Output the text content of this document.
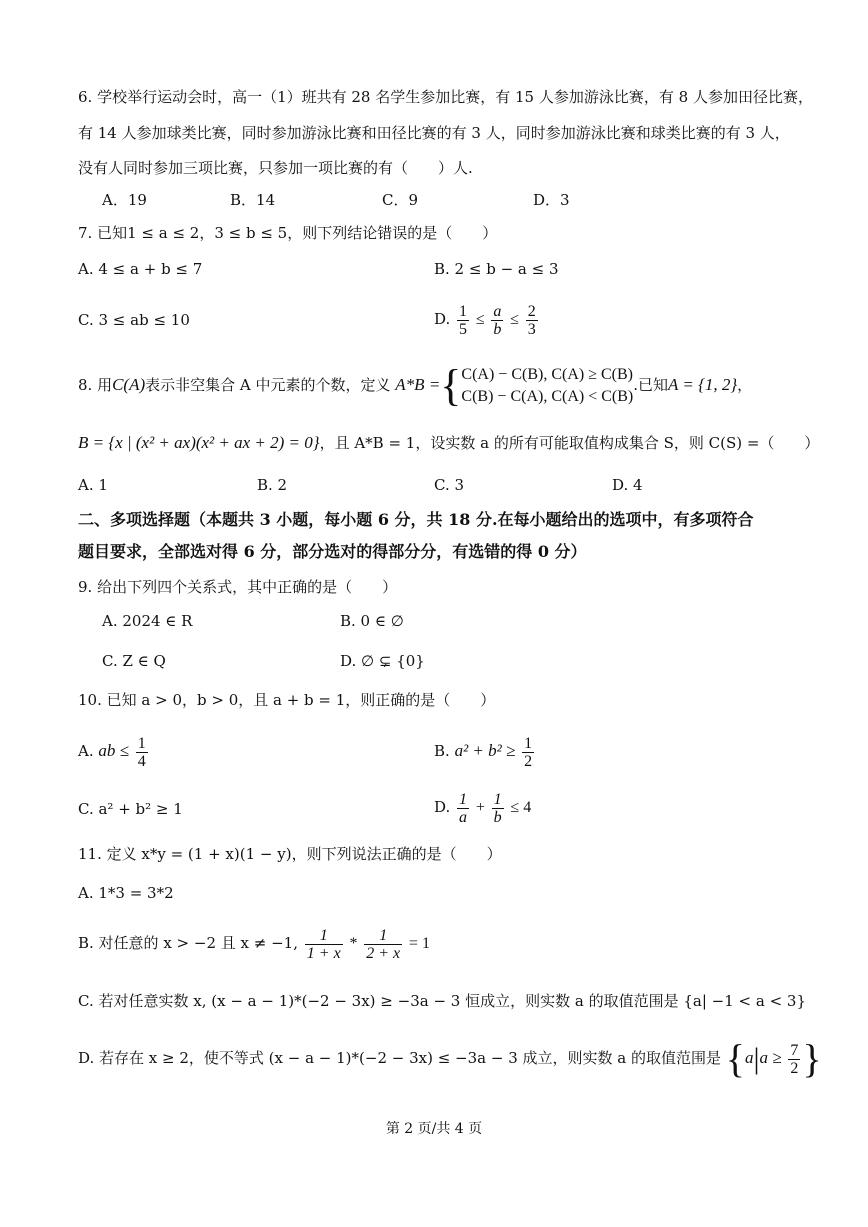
6. 学校举行运动会时，高一（1）班共有 28 名学生参加比赛，有 15 人参加游泳比赛，有 8 人参加田径比赛，
有 14 人参加球类比赛，同时参加游泳比赛和田径比赛的有 3 人，同时参加游泳比赛和球类比赛的有 3 人，
没有人同时参加三项比赛，只参加一项比赛的有（　　）人.
A．19	B．14	C．9	D．3
7. 已知1 ≤ a ≤ 2，3 ≤ b ≤ 5，则下列结论错误的是（　　）
A. 4 ≤ a + b ≤ 7	B. 2 ≤ b − a ≤ 3
C. 3 ≤ ab ≤ 10	D. $\frac{1}{5} \le \frac{a}{b} \le \frac{2}{3}$
8. 用C(A)表示非空集合 A 中元素的个数，定义 A*B ={ C(A) − C(B), C(A) ≥ C(B)
C(B) − C(A), C(A) < C(B)
.已知A = {1, 2}，
B = {x | (x² + ax)(x² + ax + 2) = 0}，且 A*B = 1，设实数 a 的所有可能取值构成集合 S，则 C(S) =（　　）
A. 1	B. 2	C. 3	D. 4
二、多项选择题（本题共 3 小题，每小题 6 分，共 18 分.在每小题给出的选项中，有多项符合
题目要求，全部选对得 6 分，部分选对的得部分分，有选错的得 0 分）
9. 给出下列四个关系式，其中正确的是（　　）
A. 2024 ∈ R	B. 0 ∈ ∅
C. Z ∈ Q	D. ∅ ⊊ {0}
10. 已知 a > 0，b > 0，且 a + b = 1，则正确的是（　　）
A. ab ≤ $\frac{1}{4}$	B. $a^2 + b^2 \ge \frac{1}{2}$
C. a² + b² ≥ 1	D. $\frac{1}{a} + \frac{1}{b} \le 4$
11. 定义 x*y = (1 + x)(1 − y)，则下列说法正确的是（　　）
A. 1*3 = 3*2
B. 对任意的 x > −2 且 x ≠ −1, $\frac{1}{1 + x} * \frac{1}{2 + x} = 1$
C. 若对任意实数 x, (x − a − 1)*(−2 − 3x) ≥ −3a − 3 恒成立，则实数 a 的取值范围是 {a| −1 < a < 3}
D. 若存在 x ≥ 2，使不等式 (x − a − 1)*(−2 − 3x) ≤ −3a − 3 成立，则实数 a 的取值范围是 {$a|a \ge \frac{7}{2}$ }
第 2 页/共 4 页
